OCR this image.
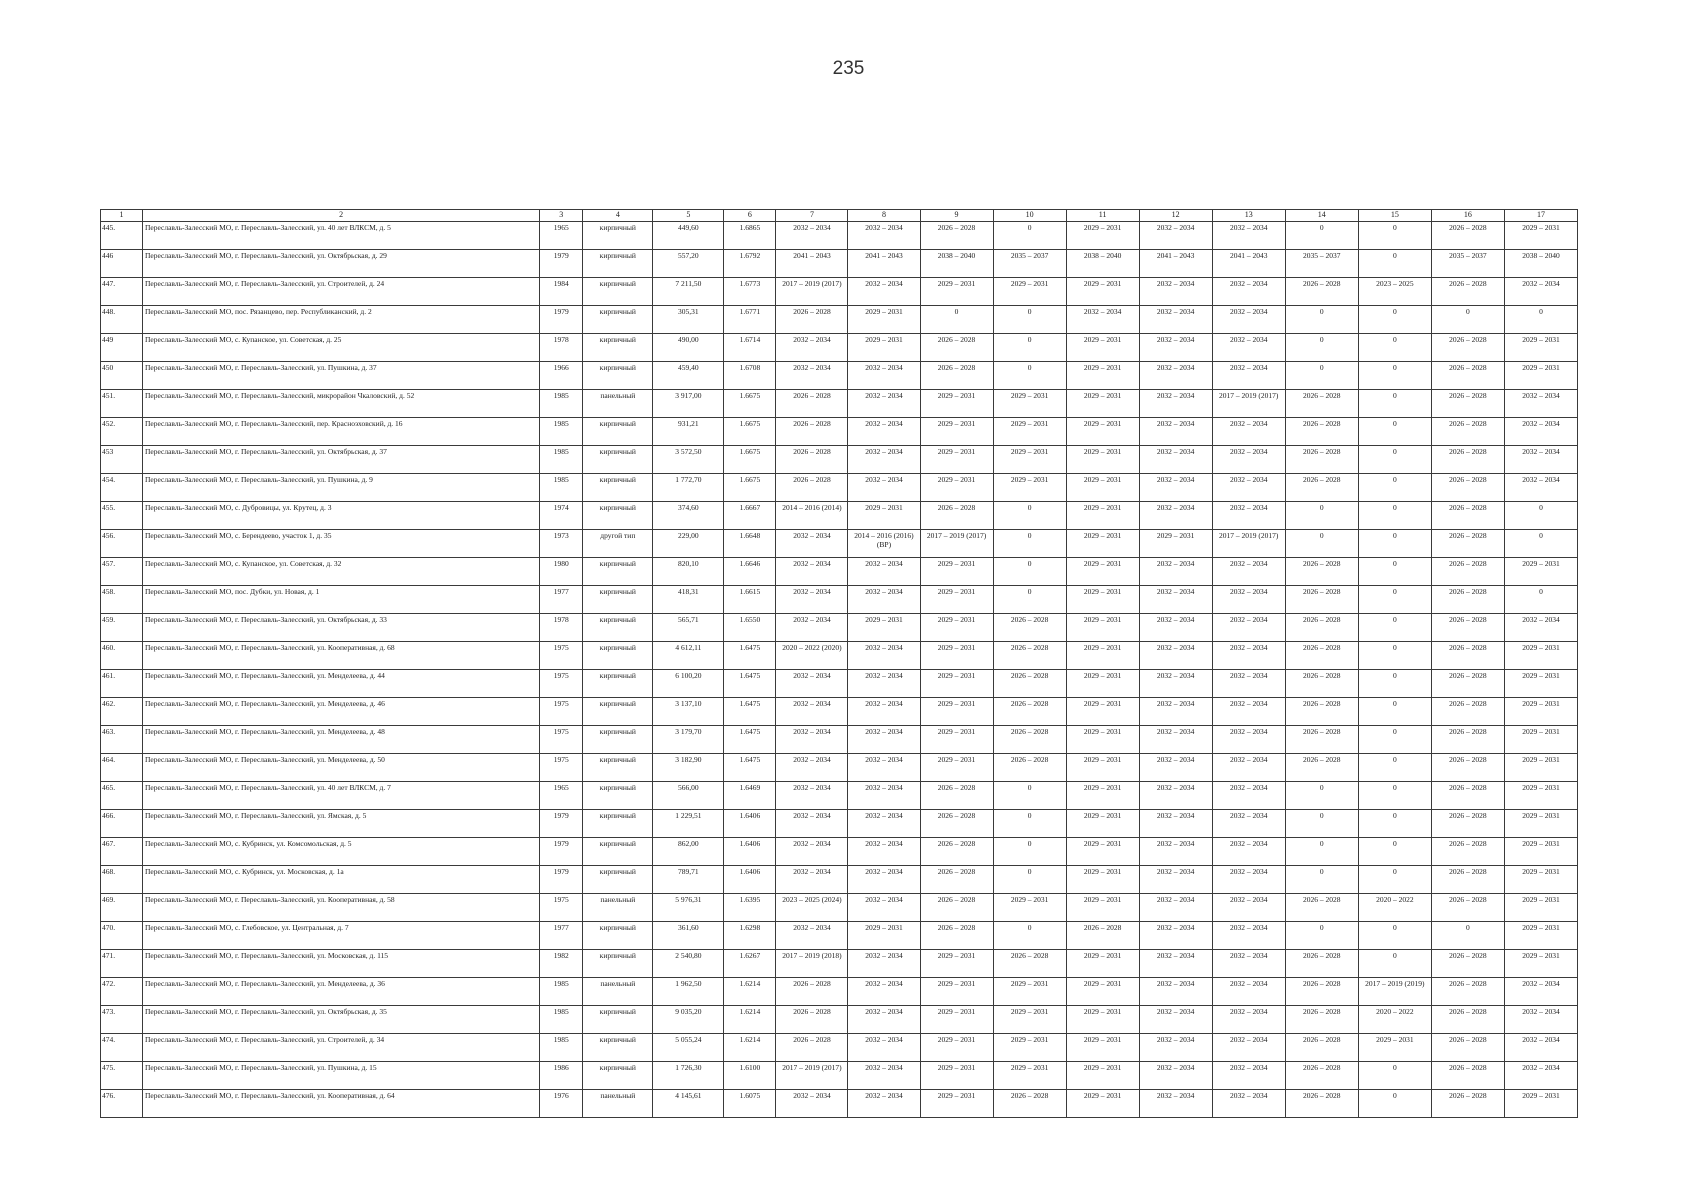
235
1	2	3	4	5	6	7	8	9	10	11	12	13	14	15	16	17
445.	Переславль-Залесский МО, г. Переславль-Залесский, ул. 40 лет ВЛКСМ, д. 5	1965	кирпичный	449,60	1.6865	2032 – 2034	2032 – 2034	2026 – 2028	0	2029 – 2031	2032 – 2034	2032 – 2034	0	0	2026 – 2028	2029 – 2031
446	Переславль-Залесский МО, г. Переславль-Залесский, ул. Октябрьская, д. 29	1979	кирпичный	557,20	1.6792	2041 – 2043	2041 – 2043	2038 – 2040	2035 – 2037	2038 – 2040	2041 – 2043	2041 – 2043	2035 – 2037	0	2035 – 2037	2038 – 2040
447.	Переславль-Залесский МО, г. Переславль-Залесский, ул. Строителей, д. 24	1984	кирпичный	7 211,50	1.6773	2017 – 2019 (2017)	2032 – 2034	2029 – 2031	2029 – 2031	2029 – 2031	2032 – 2034	2032 – 2034	2026 – 2028	2023 – 2025	2026 – 2028	2032 – 2034
448.	Переславль-Залесский МО, пос. Рязанцево, пер. Республиканский, д. 2	1979	кирпичный	305,31	1.6771	2026 – 2028	2029 – 2031	0	0	2032 – 2034	2032 – 2034	2032 – 2034	0	0	0	0
449	Переславль-Залесский МО, с. Купанское, ул. Советская, д. 25	1978	кирпичный	490,00	1.6714	2032 – 2034	2029 – 2031	2026 – 2028	0	2029 – 2031	2032 – 2034	2032 – 2034	0	0	2026 – 2028	2029 – 2031
450	Переславль-Залесский МО, г. Переславль-Залесский, ул. Пушкина, д. 37	1966	кирпичный	459,40	1.6708	2032 – 2034	2032 – 2034	2026 – 2028	0	2029 – 2031	2032 – 2034	2032 – 2034	0	0	2026 – 2028	2029 – 2031
451.	Переславль-Залесский МО, г. Переславль-Залесский, микрорайон Чкаловский, д. 52	1985	панельный	3 917,00	1.6675	2026 – 2028	2032 – 2034	2029 – 2031	2029 – 2031	2029 – 2031	2032 – 2034	2017 – 2019 (2017)	2026 – 2028	0	2026 – 2028	2032 – 2034
452.	Переславль-Залесский МО, г. Переславль-Залесский, пер. Красноэховский, д. 16	1985	кирпичный	931,21	1.6675	2026 – 2028	2032 – 2034	2029 – 2031	2029 – 2031	2029 – 2031	2032 – 2034	2032 – 2034	2026 – 2028	0	2026 – 2028	2032 – 2034
453	Переславль-Залесский МО, г. Переславль-Залесский, ул. Октябрьская, д. 37	1985	кирпичный	3 572,50	1.6675	2026 – 2028	2032 – 2034	2029 – 2031	2029 – 2031	2029 – 2031	2032 – 2034	2032 – 2034	2026 – 2028	0	2026 – 2028	2032 – 2034
454.	Переславль-Залесский МО, г. Переславль-Залесский, ул. Пушкина, д. 9	1985	кирпичный	1 772,70	1.6675	2026 – 2028	2032 – 2034	2029 – 2031	2029 – 2031	2029 – 2031	2032 – 2034	2032 – 2034	2026 – 2028	0	2026 – 2028	2032 – 2034
455.	Переславль-Залесский МО, с. Дубровицы, ул. Крутец, д. 3	1974	кирпичный	374,60	1.6667	2014 – 2016 (2014)	2029 – 2031	2026 – 2028	0	2029 – 2031	2032 – 2034	2032 – 2034	0	0	2026 – 2028	0
456.	Переславль-Залесский МО, с. Берендеево, участок 1, д. 35	1973	другой тип	229,00	1.6648	2032 – 2034	2014 – 2016 (2016) (ВР)	2017 – 2019 (2017)	0	2029 – 2031	2029 – 2031	2017 – 2019 (2017)	0	0	2026 – 2028	0
457.	Переславль-Залесский МО, с. Купанское, ул. Советская, д. 32	1980	кирпичный	820,10	1.6646	2032 – 2034	2032 – 2034	2029 – 2031	0	2029 – 2031	2032 – 2034	2032 – 2034	2026 – 2028	0	2026 – 2028	2029 – 2031
458.	Переславль-Залесский МО, пос. Дубки, ул. Новая, д. 1	1977	кирпичный	418,31	1.6615	2032 – 2034	2032 – 2034	2029 – 2031	0	2029 – 2031	2032 – 2034	2032 – 2034	2026 – 2028	0	2026 – 2028	0
459.	Переславль-Залесский МО, г. Переславль-Залесский, ул. Октябрьская, д. 33	1978	кирпичный	565,71	1.6550	2032 – 2034	2029 – 2031	2029 – 2031	2026 – 2028	2029 – 2031	2032 – 2034	2032 – 2034	2026 – 2028	0	2026 – 2028	2032 – 2034
460.	Переславль-Залесский МО, г. Переславль-Залесский, ул. Кооперативная, д. 68	1975	кирпичный	4 612,11	1.6475	2020 – 2022 (2020)	2032 – 2034	2029 – 2031	2026 – 2028	2029 – 2031	2032 – 2034	2032 – 2034	2026 – 2028	0	2026 – 2028	2029 – 2031
461.	Переславль-Залесский МО, г. Переславль-Залесский, ул. Менделеева, д. 44	1975	кирпичный	6 100,20	1.6475	2032 – 2034	2032 – 2034	2029 – 2031	2026 – 2028	2029 – 2031	2032 – 2034	2032 – 2034	2026 – 2028	0	2026 – 2028	2029 – 2031
462.	Переславль-Залесский МО, г. Переславль-Залесский, ул. Менделеева, д. 46	1975	кирпичный	3 137,10	1.6475	2032 – 2034	2032 – 2034	2029 – 2031	2026 – 2028	2029 – 2031	2032 – 2034	2032 – 2034	2026 – 2028	0	2026 – 2028	2029 – 2031
463.	Переславль-Залесский МО, г. Переславль-Залесский, ул. Менделеева, д. 48	1975	кирпичный	3 179,70	1.6475	2032 – 2034	2032 – 2034	2029 – 2031	2026 – 2028	2029 – 2031	2032 – 2034	2032 – 2034	2026 – 2028	0	2026 – 2028	2029 – 2031
464.	Переславль-Залесский МО, г. Переславль-Залесский, ул. Менделеева, д. 50	1975	кирпичный	3 182,90	1.6475	2032 – 2034	2032 – 2034	2029 – 2031	2026 – 2028	2029 – 2031	2032 – 2034	2032 – 2034	2026 – 2028	0	2026 – 2028	2029 – 2031
465.	Переславль-Залесский МО, г. Переславль-Залесский, ул. 40 лет ВЛКСМ, д. 7	1965	кирпичный	566,00	1.6469	2032 – 2034	2032 – 2034	2026 – 2028	0	2029 – 2031	2032 – 2034	2032 – 2034	0	0	2026 – 2028	2029 – 2031
466.	Переславль-Залесский МО, г. Переславль-Залесский, ул. Ямская, д. 5	1979	кирпичный	1 229,51	1.6406	2032 – 2034	2032 – 2034	2026 – 2028	0	2029 – 2031	2032 – 2034	2032 – 2034	0	0	2026 – 2028	2029 – 2031
467.	Переславль-Залесский МО, с. Кубринск, ул. Комсомольская, д. 5	1979	кирпичный	862,00	1.6406	2032 – 2034	2032 – 2034	2026 – 2028	0	2029 – 2031	2032 – 2034	2032 – 2034	0	0	2026 – 2028	2029 – 2031
468.	Переславль-Залесский МО, с. Кубринск, ул. Московская, д. 1а	1979	кирпичный	789,71	1.6406	2032 – 2034	2032 – 2034	2026 – 2028	0	2029 – 2031	2032 – 2034	2032 – 2034	0	0	2026 – 2028	2029 – 2031
469.	Переславль-Залесский МО, г. Переславль-Залесский, ул. Кооперативная, д. 58	1975	панельный	5 976,31	1.6395	2023 – 2025 (2024)	2032 – 2034	2026 – 2028	2029 – 2031	2029 – 2031	2032 – 2034	2032 – 2034	2026 – 2028	2020 – 2022	2026 – 2028	2029 – 2031
470.	Переславль-Залесский МО, с. Глебовское, ул. Центральная, д. 7	1977	кирпичный	361,60	1.6298	2032 – 2034	2029 – 2031	2026 – 2028	0	2026 – 2028	2032 – 2034	2032 – 2034	0	0	0	2029 – 2031
471.	Переславль-Залесский МО, г. Переславль-Залесский, ул. Московская, д. 115	1982	кирпичный	2 540,80	1.6267	2017 – 2019 (2018)	2032 – 2034	2029 – 2031	2026 – 2028	2029 – 2031	2032 – 2034	2032 – 2034	2026 – 2028	0	2026 – 2028	2029 – 2031
472.	Переславль-Залесский МО, г. Переславль-Залесский, ул. Менделеева, д. 36	1985	панельный	1 962,50	1.6214	2026 – 2028	2032 – 2034	2029 – 2031	2029 – 2031	2029 – 2031	2032 – 2034	2032 – 2034	2026 – 2028	2017 – 2019 (2019)	2026 – 2028	2032 – 2034
473.	Переславль-Залесский МО, г. Переславль-Залесский, ул. Октябрьская, д. 35	1985	кирпичный	9 035,20	1.6214	2026 – 2028	2032 – 2034	2029 – 2031	2029 – 2031	2029 – 2031	2032 – 2034	2032 – 2034	2026 – 2028	2020 – 2022	2026 – 2028	2032 – 2034
474.	Переславль-Залесский МО, г. Переславль-Залесский, ул. Строителей, д. 34	1985	кирпичный	5 055,24	1.6214	2026 – 2028	2032 – 2034	2029 – 2031	2029 – 2031	2029 – 2031	2032 – 2034	2032 – 2034	2026 – 2028	2029 – 2031	2026 – 2028	2032 – 2034
475.	Переславль-Залесский МО, г. Переславль-Залесский, ул. Пушкина, д. 15	1986	кирпичный	1 726,30	1.6100	2017 – 2019 (2017)	2032 – 2034	2029 – 2031	2029 – 2031	2029 – 2031	2032 – 2034	2032 – 2034	2026 – 2028	0	2026 – 2028	2032 – 2034
476.	Переславль-Залесский МО, г. Переславль-Залесский, ул. Кооперативная, д. 64	1976	панельный	4 145,61	1.6075	2032 – 2034	2032 – 2034	2029 – 2031	2026 – 2028	2029 – 2031	2032 – 2034	2032 – 2034	2026 – 2028	0	2026 – 2028	2029 – 2031
